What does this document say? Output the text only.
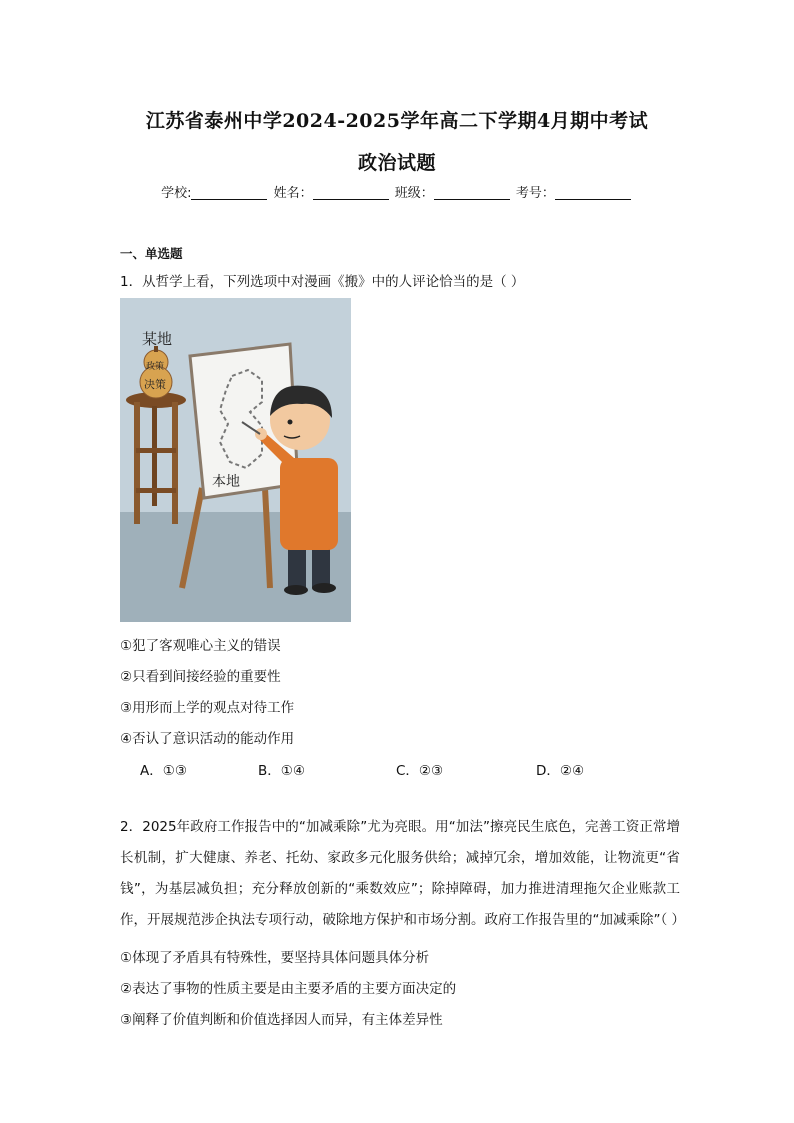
江苏省泰州中学2024-2025学年高二下学期4月期中考试
政治试题
学校:	姓名：	班级：	考号：
一、单选题
1．从哲学上看，下列选项中对漫画《搬》中的人评论恰当的是（ ）
某地
政策
决策
本地
①犯了客观唯心主义的错误
②只看到间接经验的重要性
③用形而上学的观点对待工作
④否认了意识活动的能动作用
A．①③	B．①④	C．②③	D．②④
2．2025年政府工作报告中的“加减乘除”尤为亮眼。用“加法”擦亮民生底色，完善工资正常增长机制，扩大健康、养老、托幼、家政多元化服务供给；减掉冗余，增加效能，让物流更“省钱”，为基层减负担；充分释放创新的“乘数效应”；除掉障碍，加力推进清理拖欠企业账款工作，开展规范涉企执法专项行动，破除地方保护和市场分割。政府工作报告里的“加减乘除”（ ）
①体现了矛盾具有特殊性，要坚持具体问题具体分析
②表达了事物的性质主要是由主要矛盾的主要方面决定的
③阐释了价值判断和价值选择因人而异，有主体差异性
